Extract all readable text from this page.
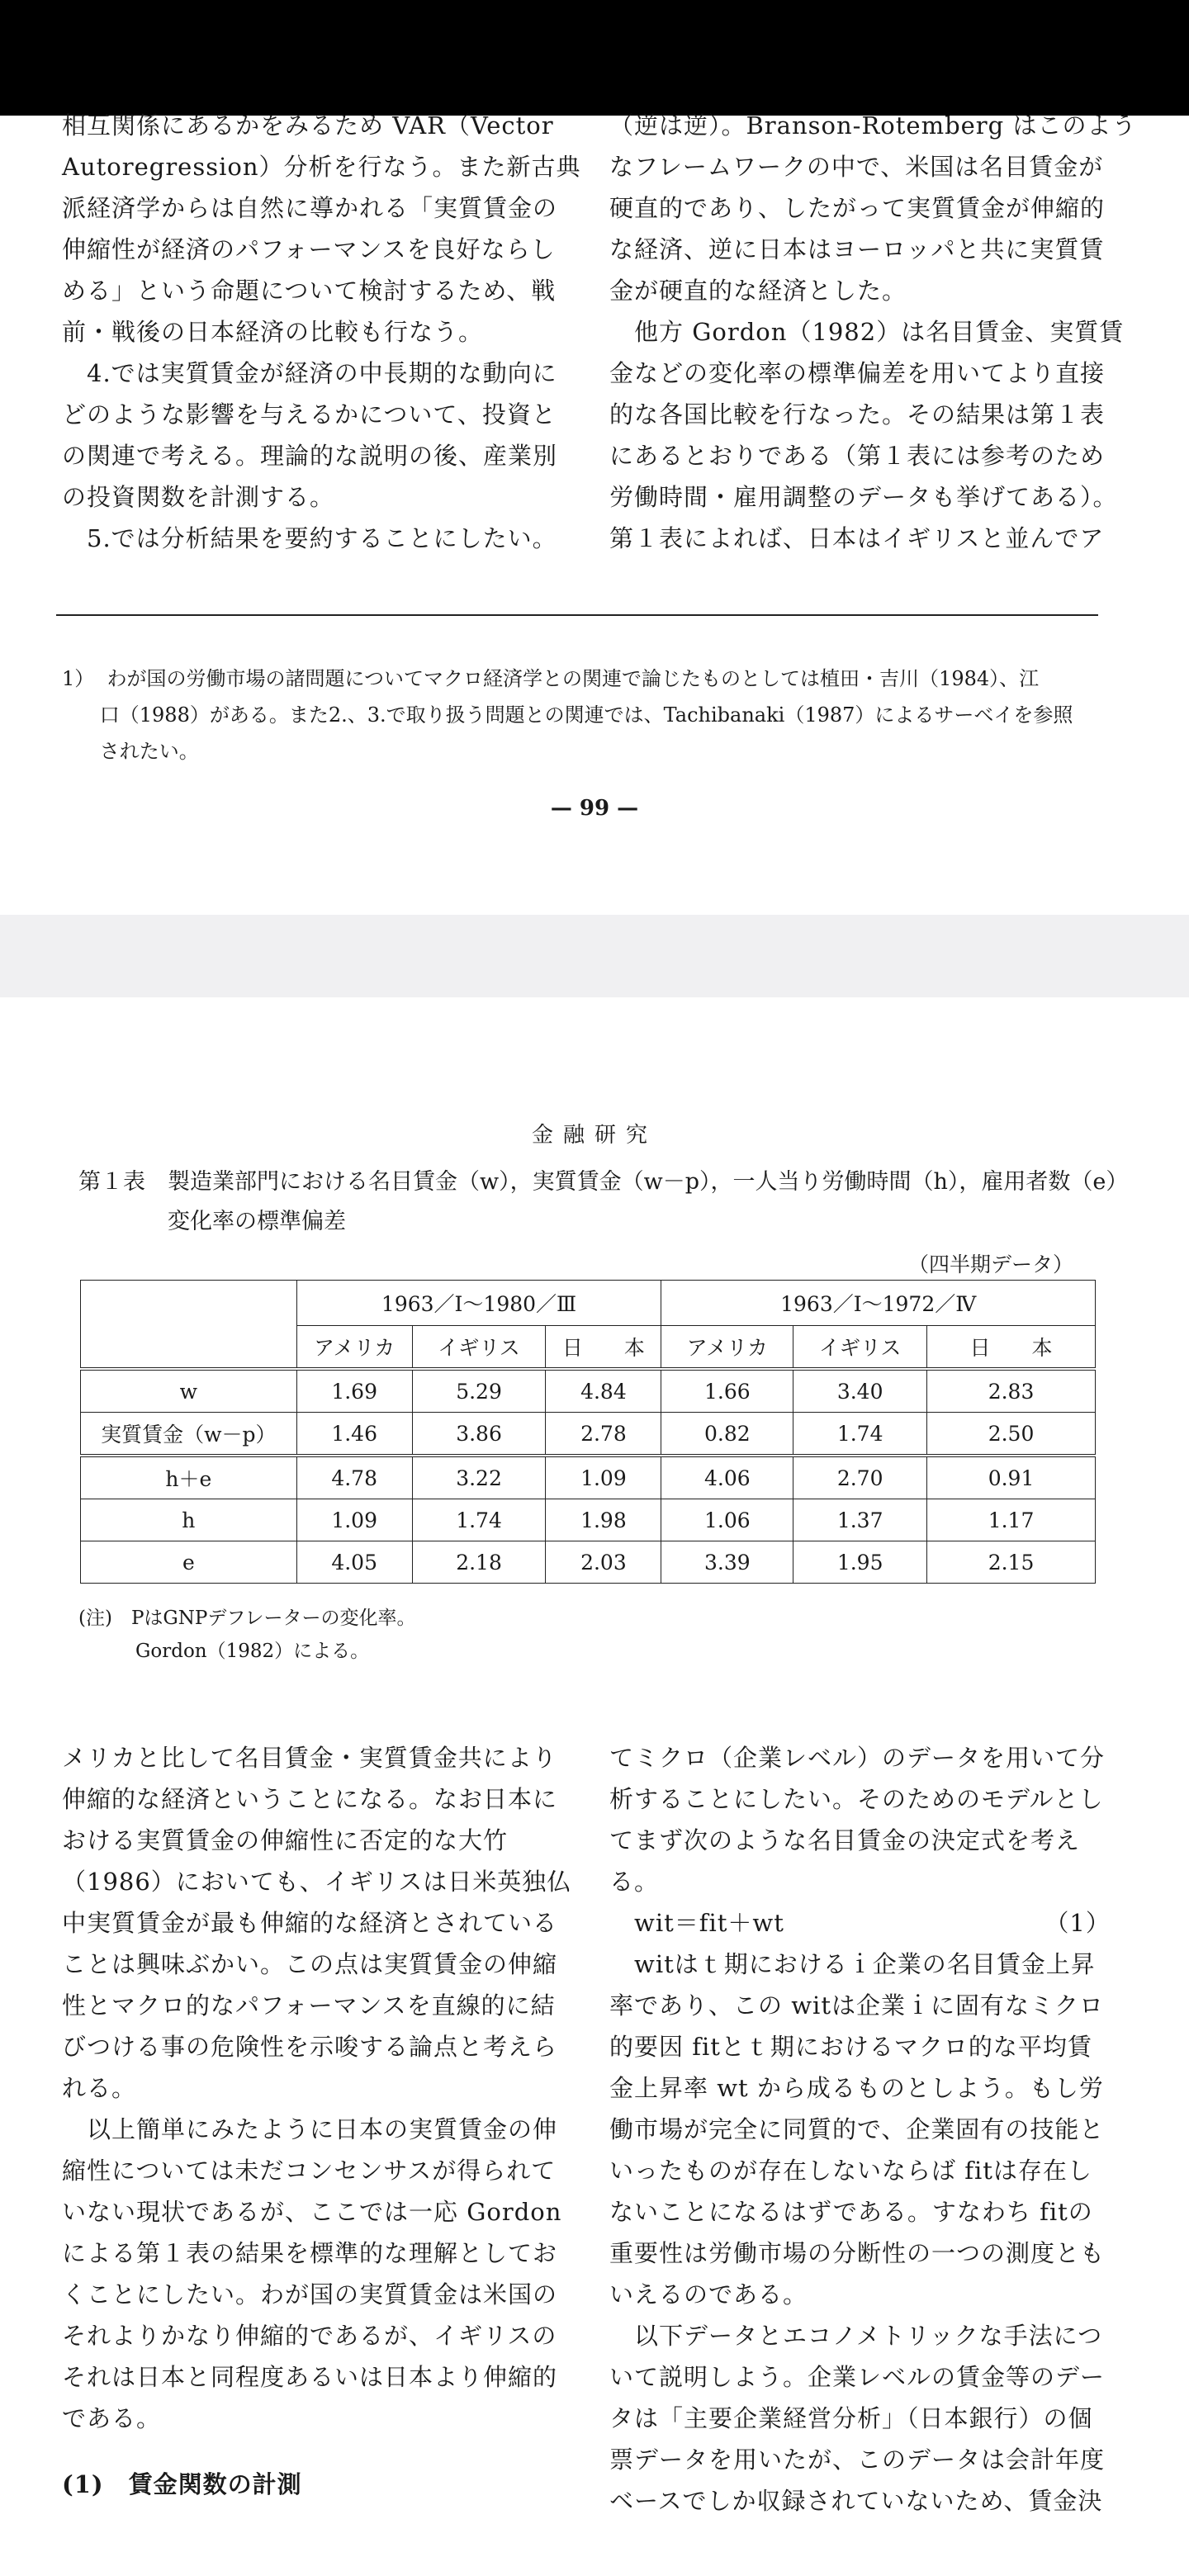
相互関係にあるかをみるため VAR（Vector

Autoregression）分析を行なう。また新古典

派経済学からは自然に導かれる「実質賃金の

伸縮性が経済のパフォーマンスを良好ならし

める」という命題について検討するため、戦

前・戦後の日本経済の比較も行なう。

　4.では実質賃金が経済の中長期的な動向に

どのような影響を与えるかについて、投資と

の関連で考える。理論的な説明の後、産業別

の投資関数を計測する。

　5.では分析結果を要約することにしたい。

（逆は逆）。Branson-Rotemberg はこのよう

なフレームワークの中で、米国は名目賃金が

硬直的であり、したがって実質賃金が伸縮的

な経済、逆に日本はヨーロッパと共に実質賃

金が硬直的な経済とした。

　他方 Gordon（1982）は名目賃金、実質賃

金などの変化率の標準偏差を用いてより直接

的な各国比較を行なった。その結果は第１表

にあるとおりである（第１表には参考のため

労働時間・雇用調整のデータも挙げてある）。

第１表によれば、日本はイギリスと並んでア

1）  わが国の労働市場の諸問題についてマクロ経済学との関連で論じたものとしては植田・吉川（1984）、江

口（1988）がある。また2.、3.で取り扱う問題との関連では、Tachibanaki（1987）によるサーベイを参照

されたい。

— 99 —
金融研究

第１表　製造業部門における名目賃金（w），実質賃金（w－p），一人当り労働時間（h），雇用者数（e）

　　　　変化率の標準偏差

（四半期データ）
	1963／Ⅰ～1980／Ⅲ			1963／Ⅰ～1972／Ⅳ		
	アメリカ	イギリス	日　　本	アメリカ	イギリス	日　　本
w	1.69	5.29	4.84	1.66	3.40	2.83
実質賃金（w－p）	1.46	3.86	2.78	0.82	1.74	2.50
h＋e	4.78	3.22	1.09	4.06	2.70	0.91
h	1.09	1.74	1.98	1.06	1.37	1.17
e	4.05	2.18	2.03	3.39	1.95	2.15

(注)　PはGNPデフレーターの変化率。

　　　Gordon（1982）による。

メリカと比して名目賃金・実質賃金共により

伸縮的な経済ということになる。なお日本に

おける実質賃金の伸縮性に否定的な大竹

（1986）においても、イギリスは日米英独仏

中実質賃金が最も伸縮的な経済とされている

ことは興味ぶかい。この点は実質賃金の伸縮

性とマクロ的なパフォーマンスを直線的に結

びつける事の危険性を示唆する論点と考えら

れる。

　以上簡単にみたように日本の実質賃金の伸

縮性については未だコンセンサスが得られて

いない現状であるが、ここでは一応 Gordon

による第１表の結果を標準的な理解としてお

くことにしたい。わが国の実質賃金は米国の

それよりかなり伸縮的であるが、イギリスの

それは日本と同程度あるいは日本より伸縮的

である。

(1)　賃金関数の計測

てミクロ（企業レベル）のデータを用いて分

析することにしたい。そのためのモデルとし

てまず次のような名目賃金の決定式を考え

る。

　wit＝fit＋wt　　　　　　　　　　　（1）

　witはｔ期におけるｉ企業の名目賃金上昇

率であり、この witは企業ｉに固有なミクロ

的要因 fitとｔ期におけるマクロ的な平均賃

金上昇率 wt から成るものとしよう。もし労

働市場が完全に同質的で、企業固有の技能と

いったものが存在しないならば fitは存在し

ないことになるはずである。すなわち fitの

重要性は労働市場の分断性の一つの測度とも

いえるのである。

　以下データとエコノメトリックな手法につ

いて説明しよう。企業レベルの賃金等のデー

タは「主要企業経営分析」（日本銀行）の個

票データを用いたが、このデータは会計年度

ベースでしか収録されていないため、賃金決
